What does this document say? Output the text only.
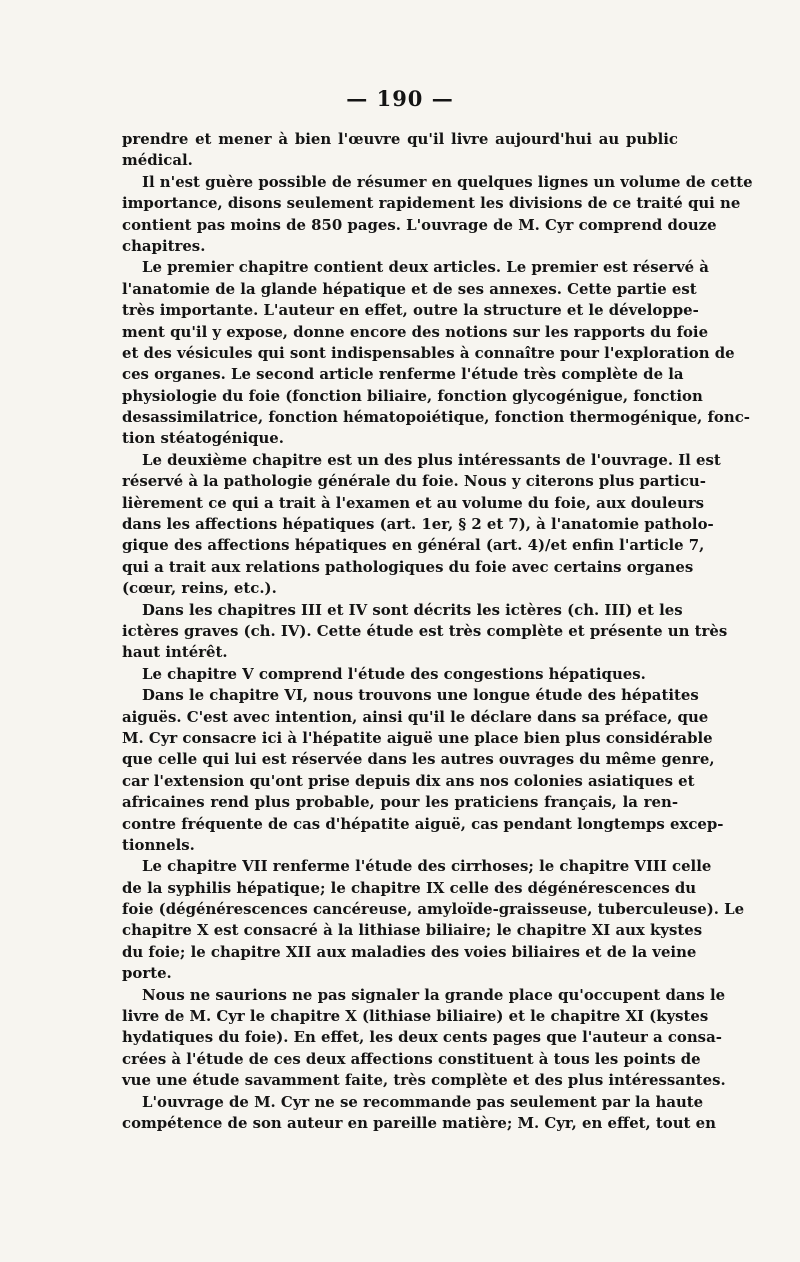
— 190 —
prendre et mener à bien l'œuvre qu'il livre aujourd'hui au public
médical.
Il n'est guère possible de résumer en quelques lignes un volume de cette
importance, disons seulement rapidement les divisions de ce traité qui ne
contient pas moins de 850 pages. L'ouvrage de M. Cyr comprend douze
chapitres.
Le premier chapitre contient deux articles. Le premier est réservé à
l'anatomie de la glande hépatique et de ses annexes. Cette partie est
très importante. L'auteur en effet, outre la structure et le développe-
ment qu'il y expose, donne encore des notions sur les rapports du foie
et des vésicules qui sont indispensables à connaître pour l'exploration de
ces organes. Le second article renferme l'étude très complète de la
physiologie du foie (fonction biliaire, fonction glycogénigue, fonction
desassimilatrice, fonction hématopoiétique, fonction thermogénique, fonc-
tion stéatogénique.
Le deuxième chapitre est un des plus intéressants de l'ouvrage. Il est
réservé à la pathologie générale du foie. Nous y citerons plus particu-
lièrement ce qui a trait à l'examen et au volume du foie, aux douleurs
dans les affections hépatiques (art. 1er, § 2 et 7), à l'anatomie patholo-
gique des affections hépatiques en général (art. 4)/et enfin l'article 7,
qui a trait aux relations pathologiques du foie avec certains organes
(cœur, reins, etc.).
Dans les chapitres III et IV sont décrits les ictères (ch. III) et les
ictères graves (ch. IV). Cette étude est très complète et présente un très
haut intérêt.
Le chapitre V comprend l'étude des congestions hépatiques.
Dans le chapitre VI, nous trouvons une longue étude des hépatites
aiguës. C'est avec intention, ainsi qu'il le déclare dans sa préface, que
M. Cyr consacre ici à l'hépatite aiguë une place bien plus considérable
que celle qui lui est réservée dans les autres ouvrages du même genre,
car l'extension qu'ont prise depuis dix ans nos colonies asiatiques et
africaines rend plus probable, pour les praticiens français, la ren-
contre fréquente de cas d'hépatite aiguë, cas pendant longtemps excep-
tionnels.
Le chapitre VII renferme l'étude des cirrhoses; le chapitre VIII celle
de la syphilis hépatique; le chapitre IX celle des dégénérescences du
foie (dégénérescences cancéreuse, amyloïde-graisseuse, tuberculeuse). Le
chapitre X est consacré à la lithiase biliaire; le chapitre XI aux kystes
du foie; le chapitre XII aux maladies des voies biliaires et de la veine
porte.
Nous ne saurions ne pas signaler la grande place qu'occupent dans le
livre de M. Cyr le chapitre X (lithiase biliaire) et le chapitre XI (kystes
hydatiques du foie). En effet, les deux cents pages que l'auteur a consa-
crées à l'étude de ces deux affections constituent à tous les points de
vue une étude savamment faite, très complète et des plus intéressantes.
L'ouvrage de M. Cyr ne se recommande pas seulement par la haute
compétence de son auteur en pareille matière; M. Cyr, en effet, tout en
